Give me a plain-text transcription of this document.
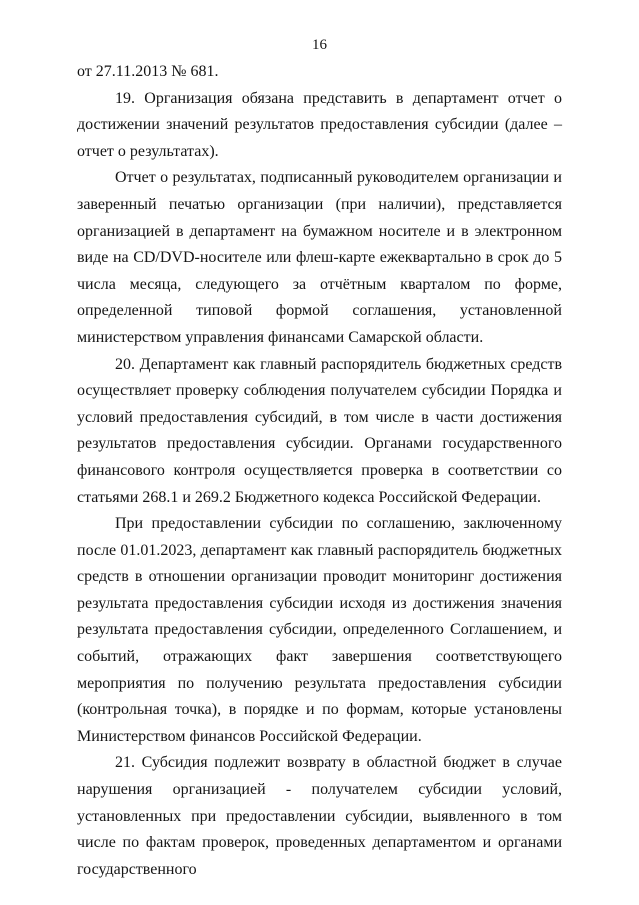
16

от 27.11.2013 № 681.

19. Организация обязана представить в департамент отчет о достижении значений результатов предоставления субсидии (далее – отчет о результатах).

Отчет о результатах, подписанный руководителем организации и заверенный печатью организации (при наличии), представляется организацией в департамент на бумажном носителе и в электронном виде на CD/DVD-носителе или флеш-карте ежеквартально в срок до 5 числа месяца, следующего за отчётным кварталом по форме, определенной типовой формой соглашения, установленной министерством управления финансами Самарской области.

20. Департамент как главный распорядитель бюджетных средств осуществляет проверку соблюдения получателем субсидии Порядка и условий предоставления субсидий, в том числе в части достижения результатов предоставления субсидии. Органами государственного финансового контроля осуществляется проверка в соответствии со статьями 268.1 и 269.2 Бюджетного кодекса Российской Федерации.

При предоставлении субсидии по соглашению, заключенному после 01.01.2023, департамент как главный распорядитель бюджетных средств в отношении организации проводит мониторинг достижения результата предоставления субсидии исходя из достижения значения результата предоставления субсидии, определенного Соглашением, и событий, отражающих факт завершения соответствующего мероприятия по получению результата предоставления субсидии (контрольная точка), в порядке и по формам, которые установлены Министерством финансов Российской Федерации.

21. Субсидия подлежит возврату в областной бюджет в случае нарушения организацией - получателем субсидии условий, установленных при предоставлении субсидии, выявленного в том числе по фактам проверок, проведенных департаментом и органами государственного
